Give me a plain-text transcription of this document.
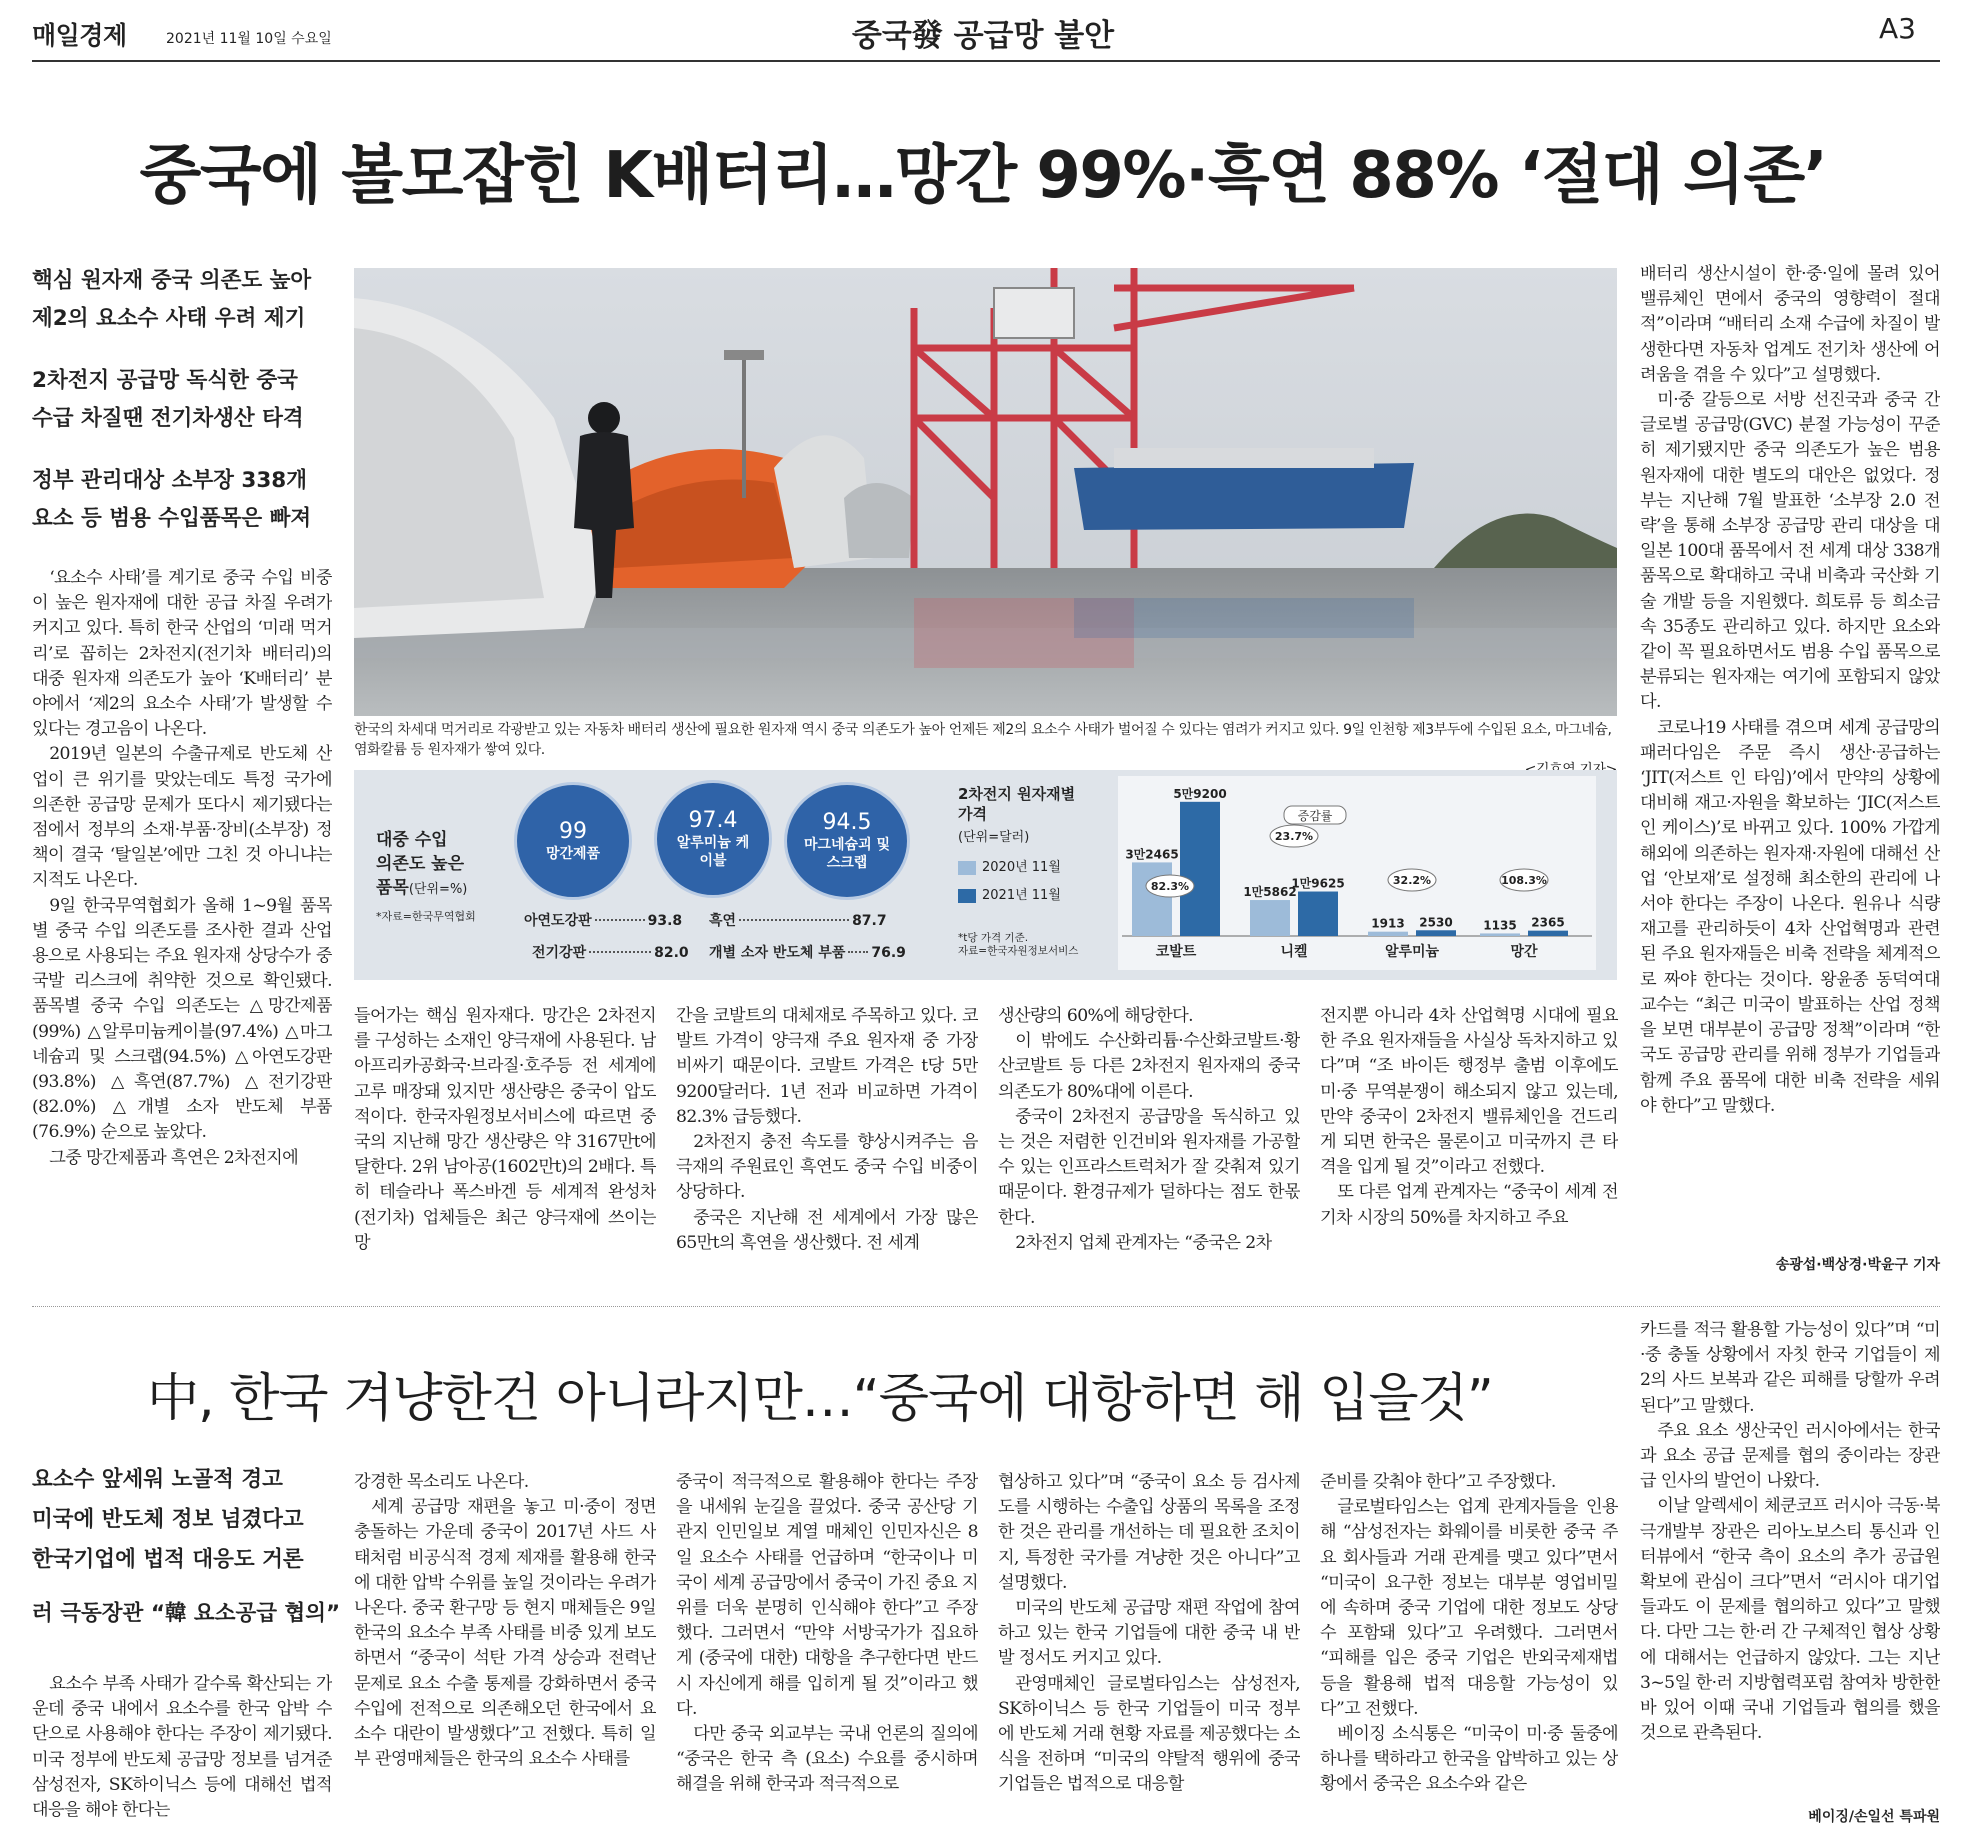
매일경제	2021년 11월 10일 수요일	중국發 공급망 불안	A3
중국에 볼모잡힌 K배터리…망간 99%·흑연 88% ‘절대 의존’
핵심 원자재 중국 의존도 높아
제2의 요소수 사태 우려 제기
2차전지 공급망 독식한 중국
수급 차질땐 전기차생산 타격
정부 관리대상 소부장 338개
요소 등 범용 수입품목은 빠져

‘요소수 사태’를 계기로 중국 수입 비중이 높은 원자재에 대한 공급 차질 우려가 커지고 있다. 특히 한국 산업의 ‘미래 먹거리’로 꼽히는 2차전지(전기차 배터리)의 대중 원자재 의존도가 높아 ‘K배터리’ 분야에서 ‘제2의 요소수 사태’가 발생할 수 있다는 경고음이 나온다.

2019년 일본의 수출규제로 반도체 산업이 큰 위기를 맞았는데도 특정 국가에 의존한 공급망 문제가 또다시 제기됐다는 점에서 정부의 소재·부품·장비(소부장) 정책이 결국 ‘탈일본’에만 그친 것 아니냐는 지적도 나온다.

9일 한국무역협회가 올해 1~9월 품목별 중국 수입 의존도를 조사한 결과 산업용으로 사용되는 주요 원자재 상당수가 중국발 리스크에 취약한 것으로 확인됐다. 품목별 중국 수입 의존도는 △망간제품(99%) △알루미늄케이블(97.4%) △마그네슘괴 및 스크랩(94.5%) △아연도강판(93.8%) △흑연(87.7%) △전기강판(82.0%) △개별 소자 반도체 부품(76.9%) 순으로 높았다.

그중 망간제품과 흑연은 2차전지에

한국의 차세대 먹거리로 각광받고 있는 자동차 배터리 생산에 필요한 원자재 역시 중국 의존도가 높아 언제든 제2의 요소수 사태가 벌어질 수 있다는 염려가 커지고 있다. 9일 인천항 제3부두에 수입된 요소, 마그네슘, 염화칼륨 등 원자재가 쌓여 있다.
대중 수입
의존도 높은
품목(단위=%)
*자료=한국무역협회
99
망간제품
97.4
알루미늄 케이블
94.5
마그네슘괴 및 스크랩
아연도강판	93.8 흑연	87.7
전기강판	82.0 개별 소자 반도체 부품 76.9
2차전지 원자재별 가격
(단위=달러)
2020년 11월
2021년 11월
*t당 가격 기준.
자료=한국자원정보서비스
3만2465
5만9200
코발트
82.3%	1만5862
1만9625
니켈
23.7%
1913 2530
알루미늄
32.2%
1135 2365
망간
108.3%
증감률

들어가는 핵심 원자재다. 망간은 2차전지를 구성하는 소재인 양극재에 사용된다. 남아프리카공화국·브라질·호주등 전 세계에 고루 매장돼 있지만 생산량은 중국이 압도적이다. 한국자원정보서비스에 따르면 중국의 지난해 망간 생산량은 약 3167만t에 달한다. 2위 남아공(1602만t)의 2배다. 특히 테슬라나 폭스바겐 등 세계적 완성차(전기차) 업체들은 최근 양극재에 쓰이는 망

간을 코발트의 대체재로 주목하고 있다. 코발트 가격이 양극재 주요 원자재 중 가장 비싸기 때문이다. 코발트 가격은 t당 5만9200달러다. 1년 전과 비교하면 가격이 82.3% 급등했다.

2차전지 충전 속도를 향상시켜주는 음극재의 주원료인 흑연도 중국 수입 비중이 상당하다.

중국은 지난해 전 세계에서 가장 많은 65만t의 흑연을 생산했다. 전 세계

생산량의 60%에 해당한다.

이 밖에도 수산화리튬·수산화코발트·황산코발트 등 다른 2차전지 원자재의 중국 의존도가 80%대에 이른다.

중국이 2차전지 공급망을 독식하고 있는 것은 저렴한 인건비와 원자재를 가공할 수 있는 인프라스트럭처가 잘 갖춰져 있기 때문이다. 환경규제가 덜하다는 점도 한몫한다.

2차전지 업체 관계자는 “중국은 2차

전지뿐 아니라 4차 산업혁명 시대에 필요한 주요 원자재들을 사실상 독차지하고 있다”며 “조 바이든 행정부 출범 이후에도 미·중 무역분쟁이 해소되지 않고 있는데, 만약 중국이 2차전지 밸류체인을 건드리게 되면 한국은 물론이고 미국까지 큰 타격을 입게 될 것”이라고 전했다.

또 다른 업계 관계자는 “중국이 세계 전기차 시장의 50%를 차지하고 주요

배터리 생산시설이 한·중·일에 몰려 있어 밸류체인 면에서 중국의 영향력이 절대적”이라며 “배터리 소재 수급에 차질이 발생한다면 자동차 업계도 전기차 생산에 어려움을 겪을 수 있다”고 설명했다.

미·중 갈등으로 서방 선진국과 중국 간 글로벌 공급망(GVC) 분절 가능성이 꾸준히 제기됐지만 중국 의존도가 높은 범용 원자재에 대한 별도의 대안은 없었다. 정부는 지난해 7월 발표한 ‘소부장 2.0 전략’을 통해 소부장 공급망 관리 대상을 대일본 100대 품목에서 전 세계 대상 338개 품목으로 확대하고 국내 비축과 국산화 기술 개발 등을 지원했다. 희토류 등 희소금속 35종도 관리하고 있다. 하지만 요소와 같이 꼭 필요하면서도 범용 수입 품목으로 분류되는 원자재는 여기에 포함되지 않았다.

코로나19 사태를 겪으며 세계 공급망의 패러다임은 주문 즉시 생산·공급하는 ‘JIT(저스트 인 타임)’에서 만약의 상황에 대비해 재고·자원을 확보하는 ‘JIC(저스트 인 케이스)’로 바뀌고 있다. 100% 가깝게 해외에 의존하는 원자재·자원에 대해선 산업 ‘안보재’로 설정해 최소한의 관리에 나서야 한다는 주장이 나온다. 원유나 식량 재고를 관리하듯이 4차 산업혁명과 관련된 주요 원자재들은 비축 전략을 체계적으로 짜야 한다는 것이다. 왕윤종 동덕여대 교수는 “최근 미국이 발표하는 산업 정책을 보면 대부분이 공급망 정책”이라며 “한국도 공급망 관리를 위해 정부가 기업들과 함께 주요 품목에 대한 비축 전략을 세워야 한다”고 말했다.

송광섭·백상경·박윤구 기자
中, 한국 겨냥한건 아니라지만…“중국에 대항하면 해 입을것”
요소수 앞세워 노골적 경고
미국에 반도체 정보 넘겼다고
한국기업에 법적 대응도 거론
러 극동장관 “韓 요소공급 협의”

요소수 부족 사태가 갈수록 확산되는 가운데 중국 내에서 요소수를 한국 압박 수단으로 사용해야 한다는 주장이 제기됐다. 미국 정부에 반도체 공급망 정보를 넘겨준 삼성전자, SK하이닉스 등에 대해선 법적 대응을 해야 한다는

강경한 목소리도 나온다.

세계 공급망 재편을 놓고 미·중이 정면충돌하는 가운데 중국이 2017년 사드 사태처럼 비공식적 경제 제재를 활용해 한국에 대한 압박 수위를 높일 것이라는 우려가 나온다. 중국 환구망 등 현지 매체들은 9일 한국의 요소수 부족 사태를 비중 있게 보도하면서 “중국이 석탄 가격 상승과 전력난 문제로 요소 수출 통제를 강화하면서 중국 수입에 전적으로 의존해오던 한국에서 요소수 대란이 발생했다”고 전했다. 특히 일부 관영매체들은 한국의 요소수 사태를

중국이 적극적으로 활용해야 한다는 주장을 내세워 눈길을 끌었다. 중국 공산당 기관지 인민일보 계열 매체인 인민자신은 8일 요소수 사태를 언급하며 “한국이나 미국이 세계 공급망에서 중국이 가진 중요 지위를 더욱 분명히 인식해야 한다”고 주장했다. 그러면서 “만약 서방국가가 집요하게 (중국에 대한) 대항을 추구한다면 반드시 자신에게 해를 입히게 될 것”이라고 했다.

다만 중국 외교부는 국내 언론의 질의에 “중국은 한국 측 (요소) 수요를 중시하며 해결을 위해 한국과 적극적으로

협상하고 있다”며 “중국이 요소 등 검사제도를 시행하는 수출입 상품의 목록을 조정한 것은 관리를 개선하는 데 필요한 조치이지, 특정한 국가를 겨냥한 것은 아니다”고 설명했다.

미국의 반도체 공급망 재편 작업에 참여하고 있는 한국 기업들에 대한 중국 내 반발 정서도 커지고 있다.

관영매체인 글로벌타임스는 삼성전자, SK하이닉스 등 한국 기업들이 미국 정부에 반도체 거래 현황 자료를 제공했다는 소식을 전하며 “미국의 약탈적 행위에 중국 기업들은 법적으로 대응할

준비를 갖춰야 한다”고 주장했다.

글로벌타임스는 업계 관계자들을 인용해 “삼성전자는 화웨이를 비롯한 중국 주요 회사들과 거래 관계를 맺고 있다”면서 “미국이 요구한 정보는 대부분 영업비밀에 속하며 중국 기업에 대한 정보도 상당수 포함돼 있다”고 우려했다. 그러면서 “피해를 입은 중국 기업은 반외국제재법 등을 활용해 법적 대응할 가능성이 있다”고 전했다.

베이징 소식통은 “미국이 미·중 둘중에 하나를 택하라고 한국을 압박하고 있는 상황에서 중국은 요소수와 같은

카드를 적극 활용할 가능성이 있다”며 “미·중 충돌 상황에서 자칫 한국 기업들이 제2의 사드 보복과 같은 피해를 당할까 우려된다”고 말했다.

주요 요소 생산국인 러시아에서는 한국과 요소 공급 문제를 협의 중이라는 장관급 인사의 발언이 나왔다.

이날 알렉세이 체쿤코프 러시아 극동·북극개발부 장관은 리아노보스티 통신과 인터뷰에서 “한국 측이 요소의 추가 공급원 확보에 관심이 크다”면서 “러시아 대기업들과도 이 문제를 협의하고 있다”고 말했다. 다만 그는 한·러 간 구체적인 협상 상황에 대해서는 언급하지 않았다. 그는 지난 3~5일 한·러 지방협력포럼 참여차 방한한 바 있어 이때 국내 기업들과 협의를 했을 것으로 관측된다.

베이징/손일선 특파원
